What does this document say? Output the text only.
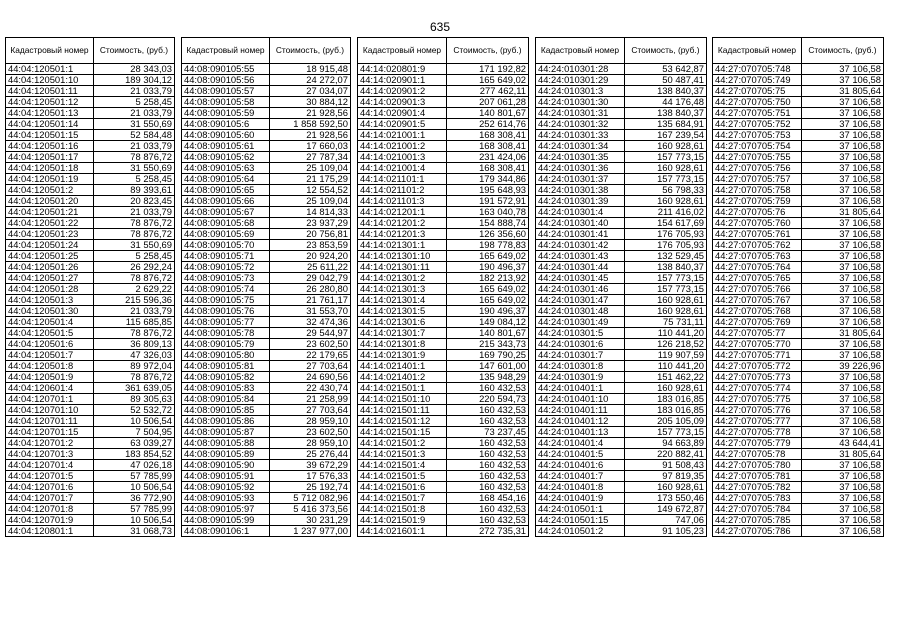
635
Кадастровый номер	Стоимость, (руб.)
44:04:120501:1	28 343,03
44:04:120501:10	189 304,12
44:04:120501:11	21 033,79
44:04:120501:12	5 258,45
44:04:120501:13	21 033,79
44:04:120501:14	31 550,69
44:04:120501:15	52 584,48
44:04:120501:16	21 033,79
44:04:120501:17	78 876,72
44:04:120501:18	31 550,69
44:04:120501:19	5 258,45
44:04:120501:2	89 393,61
44:04:120501:20	20 823,45
44:04:120501:21	21 033,79
44:04:120501:22	78 876,72
44:04:120501:23	78 876,72
44:04:120501:24	31 550,69
44:04:120501:25	5 258,45
44:04:120501:26	26 292,24
44:04:120501:27	78 876,72
44:04:120501:28	2 629,22
44:04:120501:3	215 596,36
44:04:120501:30	21 033,79
44:04:120501:4	115 685,85
44:04:120501:5	78 876,72
44:04:120501:6	36 809,13
44:04:120501:7	47 326,03
44:04:120501:8	89 972,04
44:04:120501:9	78 876,72
44:04:120601:4	361 639,05
44:04:120701:1	89 305,63
44:04:120701:10	52 532,72
44:04:120701:11	10 506,54
44:04:120701:15	7 504,95
44:04:120701:2	63 039,27
44:04:120701:3	183 854,52
44:04:120701:4	47 026,18
44:04:120701:5	57 785,99
44:04:120701:6	10 506,54
44:04:120701:7	36 772,90
44:04:120701:8	57 785,99
44:04:120701:9	10 506,54
44:04:120801:1	31 068,73
Кадастровый номер	Стоимость, (руб.)
44:08:090105:55	18 915,48
44:08:090105:56	24 272,07
44:08:090105:57	27 034,07
44:08:090105:58	30 884,12
44:08:090105:59	21 928,56
44:08:090105:6	1 858 592,50
44:08:090105:60	21 928,56
44:08:090105:61	17 660,03
44:08:090105:62	27 787,34
44:08:090105:63	25 109,04
44:08:090105:64	21 175,29
44:08:090105:65	12 554,52
44:08:090105:66	25 109,04
44:08:090105:67	14 814,33
44:08:090105:68	23 937,29
44:08:090105:69	20 756,81
44:08:090105:70	23 853,59
44:08:090105:71	20 924,20
44:08:090105:72	25 611,22
44:08:090105:73	29 042,79
44:08:090105:74	26 280,80
44:08:090105:75	21 761,17
44:08:090105:76	31 553,70
44:08:090105:77	32 474,36
44:08:090105:78	29 544,97
44:08:090105:79	23 602,50
44:08:090105:80	22 179,65
44:08:090105:81	27 703,64
44:08:090105:82	24 690,56
44:08:090105:83	22 430,74
44:08:090105:84	21 258,99
44:08:090105:85	27 703,64
44:08:090105:86	28 959,10
44:08:090105:87	23 602,50
44:08:090105:88	28 959,10
44:08:090105:89	25 276,44
44:08:090105:90	39 672,29
44:08:090105:91	17 576,33
44:08:090105:92	25 192,74
44:08:090105:93	5 712 082,96
44:08:090105:97	5 416 373,56
44:08:090105:99	30 231,29
44:08:090106:1	1 237 977,00
Кадастровый номер	Стоимость, (руб.)
44:14:020801:9	171 192,82
44:14:020901:1	165 649,02
44:14:020901:2	277 462,11
44:14:020901:3	207 061,28
44:14:020901:4	140 801,67
44:14:020901:5	252 614,76
44:14:021001:1	168 308,41
44:14:021001:2	168 308,41
44:14:021001:3	231 424,06
44:14:021001:4	168 308,41
44:14:021101:1	179 344,86
44:14:021101:2	195 648,93
44:14:021101:3	191 572,91
44:14:021201:1	163 040,78
44:14:021201:2	154 888,74
44:14:021201:3	126 356,60
44:14:021301:1	198 778,83
44:14:021301:10	165 649,02
44:14:021301:11	190 496,37
44:14:021301:2	182 213,92
44:14:021301:3	165 649,02
44:14:021301:4	165 649,02
44:14:021301:5	190 496,37
44:14:021301:6	149 084,12
44:14:021301:7	140 801,67
44:14:021301:8	215 343,73
44:14:021301:9	169 790,25
44:14:021401:1	147 601,00
44:14:021401:2	135 948,29
44:14:021501:1	160 432,53
44:14:021501:10	220 594,73
44:14:021501:11	160 432,53
44:14:021501:12	160 432,53
44:14:021501:15	73 237,45
44:14:021501:2	160 432,53
44:14:021501:3	160 432,53
44:14:021501:4	160 432,53
44:14:021501:5	160 432,53
44:14:021501:6	160 432,53
44:14:021501:7	168 454,16
44:14:021501:8	160 432,53
44:14:021501:9	160 432,53
44:14:021601:1	272 735,31
Кадастровый номер	Стоимость, (руб.)
44:24:010301:28	53 642,87
44:24:010301:29	50 487,41
44:24:010301:3	138 840,37
44:24:010301:30	44 176,48
44:24:010301:31	138 840,37
44:24:010301:32	135 684,91
44:24:010301:33	167 239,54
44:24:010301:34	160 928,61
44:24:010301:35	157 773,15
44:24:010301:36	160 928,61
44:24:010301:37	157 773,15
44:24:010301:38	56 798,33
44:24:010301:39	160 928,61
44:24:010301:4	211 416,02
44:24:010301:40	154 617,69
44:24:010301:41	176 705,93
44:24:010301:42	176 705,93
44:24:010301:43	132 529,45
44:24:010301:44	138 840,37
44:24:010301:45	157 773,15
44:24:010301:46	157 773,15
44:24:010301:47	160 928,61
44:24:010301:48	160 928,61
44:24:010301:49	75 731,11
44:24:010301:5	110 441,20
44:24:010301:6	126 218,52
44:24:010301:7	119 907,59
44:24:010301:8	110 441,20
44:24:010301:9	151 462,22
44:24:010401:1	160 928,61
44:24:010401:10	183 016,85
44:24:010401:11	183 016,85
44:24:010401:12	205 105,09
44:24:010401:13	157 773,15
44:24:010401:4	94 663,89
44:24:010401:5	220 882,41
44:24:010401:6	91 508,43
44:24:010401:7	97 819,35
44:24:010401:8	160 928,61
44:24:010401:9	173 550,46
44:24:010501:1	149 672,87
44:24:010501:15	747,06
44:24:010501:2	91 105,23
Кадастровый номер	Стоимость, (руб.)
44:27:070705:748	37 106,58
44:27:070705:749	37 106,58
44:27:070705:75	31 805,64
44:27:070705:750	37 106,58
44:27:070705:751	37 106,58
44:27:070705:752	37 106,58
44:27:070705:753	37 106,58
44:27:070705:754	37 106,58
44:27:070705:755	37 106,58
44:27:070705:756	37 106,58
44:27:070705:757	37 106,58
44:27:070705:758	37 106,58
44:27:070705:759	37 106,58
44:27:070705:76	31 805,64
44:27:070705:760	37 106,58
44:27:070705:761	37 106,58
44:27:070705:762	37 106,58
44:27:070705:763	37 106,58
44:27:070705:764	37 106,58
44:27:070705:765	37 106,58
44:27:070705:766	37 106,58
44:27:070705:767	37 106,58
44:27:070705:768	37 106,58
44:27:070705:769	37 106,58
44:27:070705:77	31 805,64
44:27:070705:770	37 106,58
44:27:070705:771	37 106,58
44:27:070705:772	39 226,96
44:27:070705:773	37 106,58
44:27:070705:774	37 106,58
44:27:070705:775	37 106,58
44:27:070705:776	37 106,58
44:27:070705:777	37 106,58
44:27:070705:778	37 106,58
44:27:070705:779	43 644,41
44:27:070705:78	31 805,64
44:27:070705:780	37 106,58
44:27:070705:781	37 106,58
44:27:070705:782	37 106,58
44:27:070705:783	37 106,58
44:27:070705:784	37 106,58
44:27:070705:785	37 106,58
44:27:070705:786	37 106,58
